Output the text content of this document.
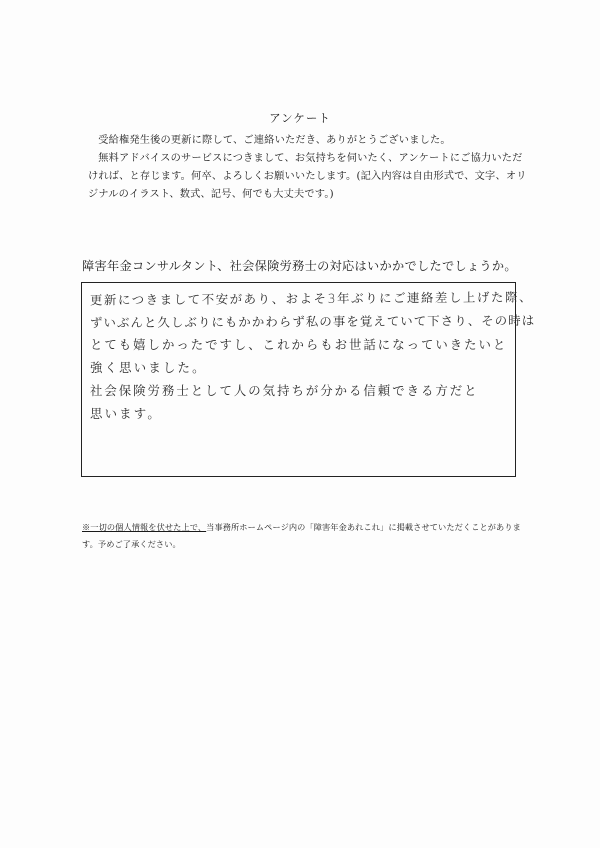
アンケート

受給権発生後の更新に際して、ご連絡いただき、ありがとうございました。

無料アドバイスのサービスにつきまして、お気持ちを伺いたく、アンケートにご協力いただければ、と存じます。何卒、よろしくお願いいたします。(記入内容は自由形式で、文字、オリジナルのイラスト、数式、記号、何でも大丈夫です。)

障害年金コンサルタント、社会保険労務士の対応はいかかでしたでしょうか。
更新につきまして不安があり、およそ3年ぶりにご連絡差し上げた際、
ずいぶんと久しぶりにもかかわらず私の事を覚えていて下さり、その時は
とても嬉しかったですし、これからもお世話になっていきたいと
強く思いました。
社会保険労務士として人の気持ちが分かる信頼できる方だと
思います。
※一切の個人情報を伏せた上で、当事務所ホームページ内の「障害年金あれこれ」に掲載させていただくことがあります。予めご了承ください。
